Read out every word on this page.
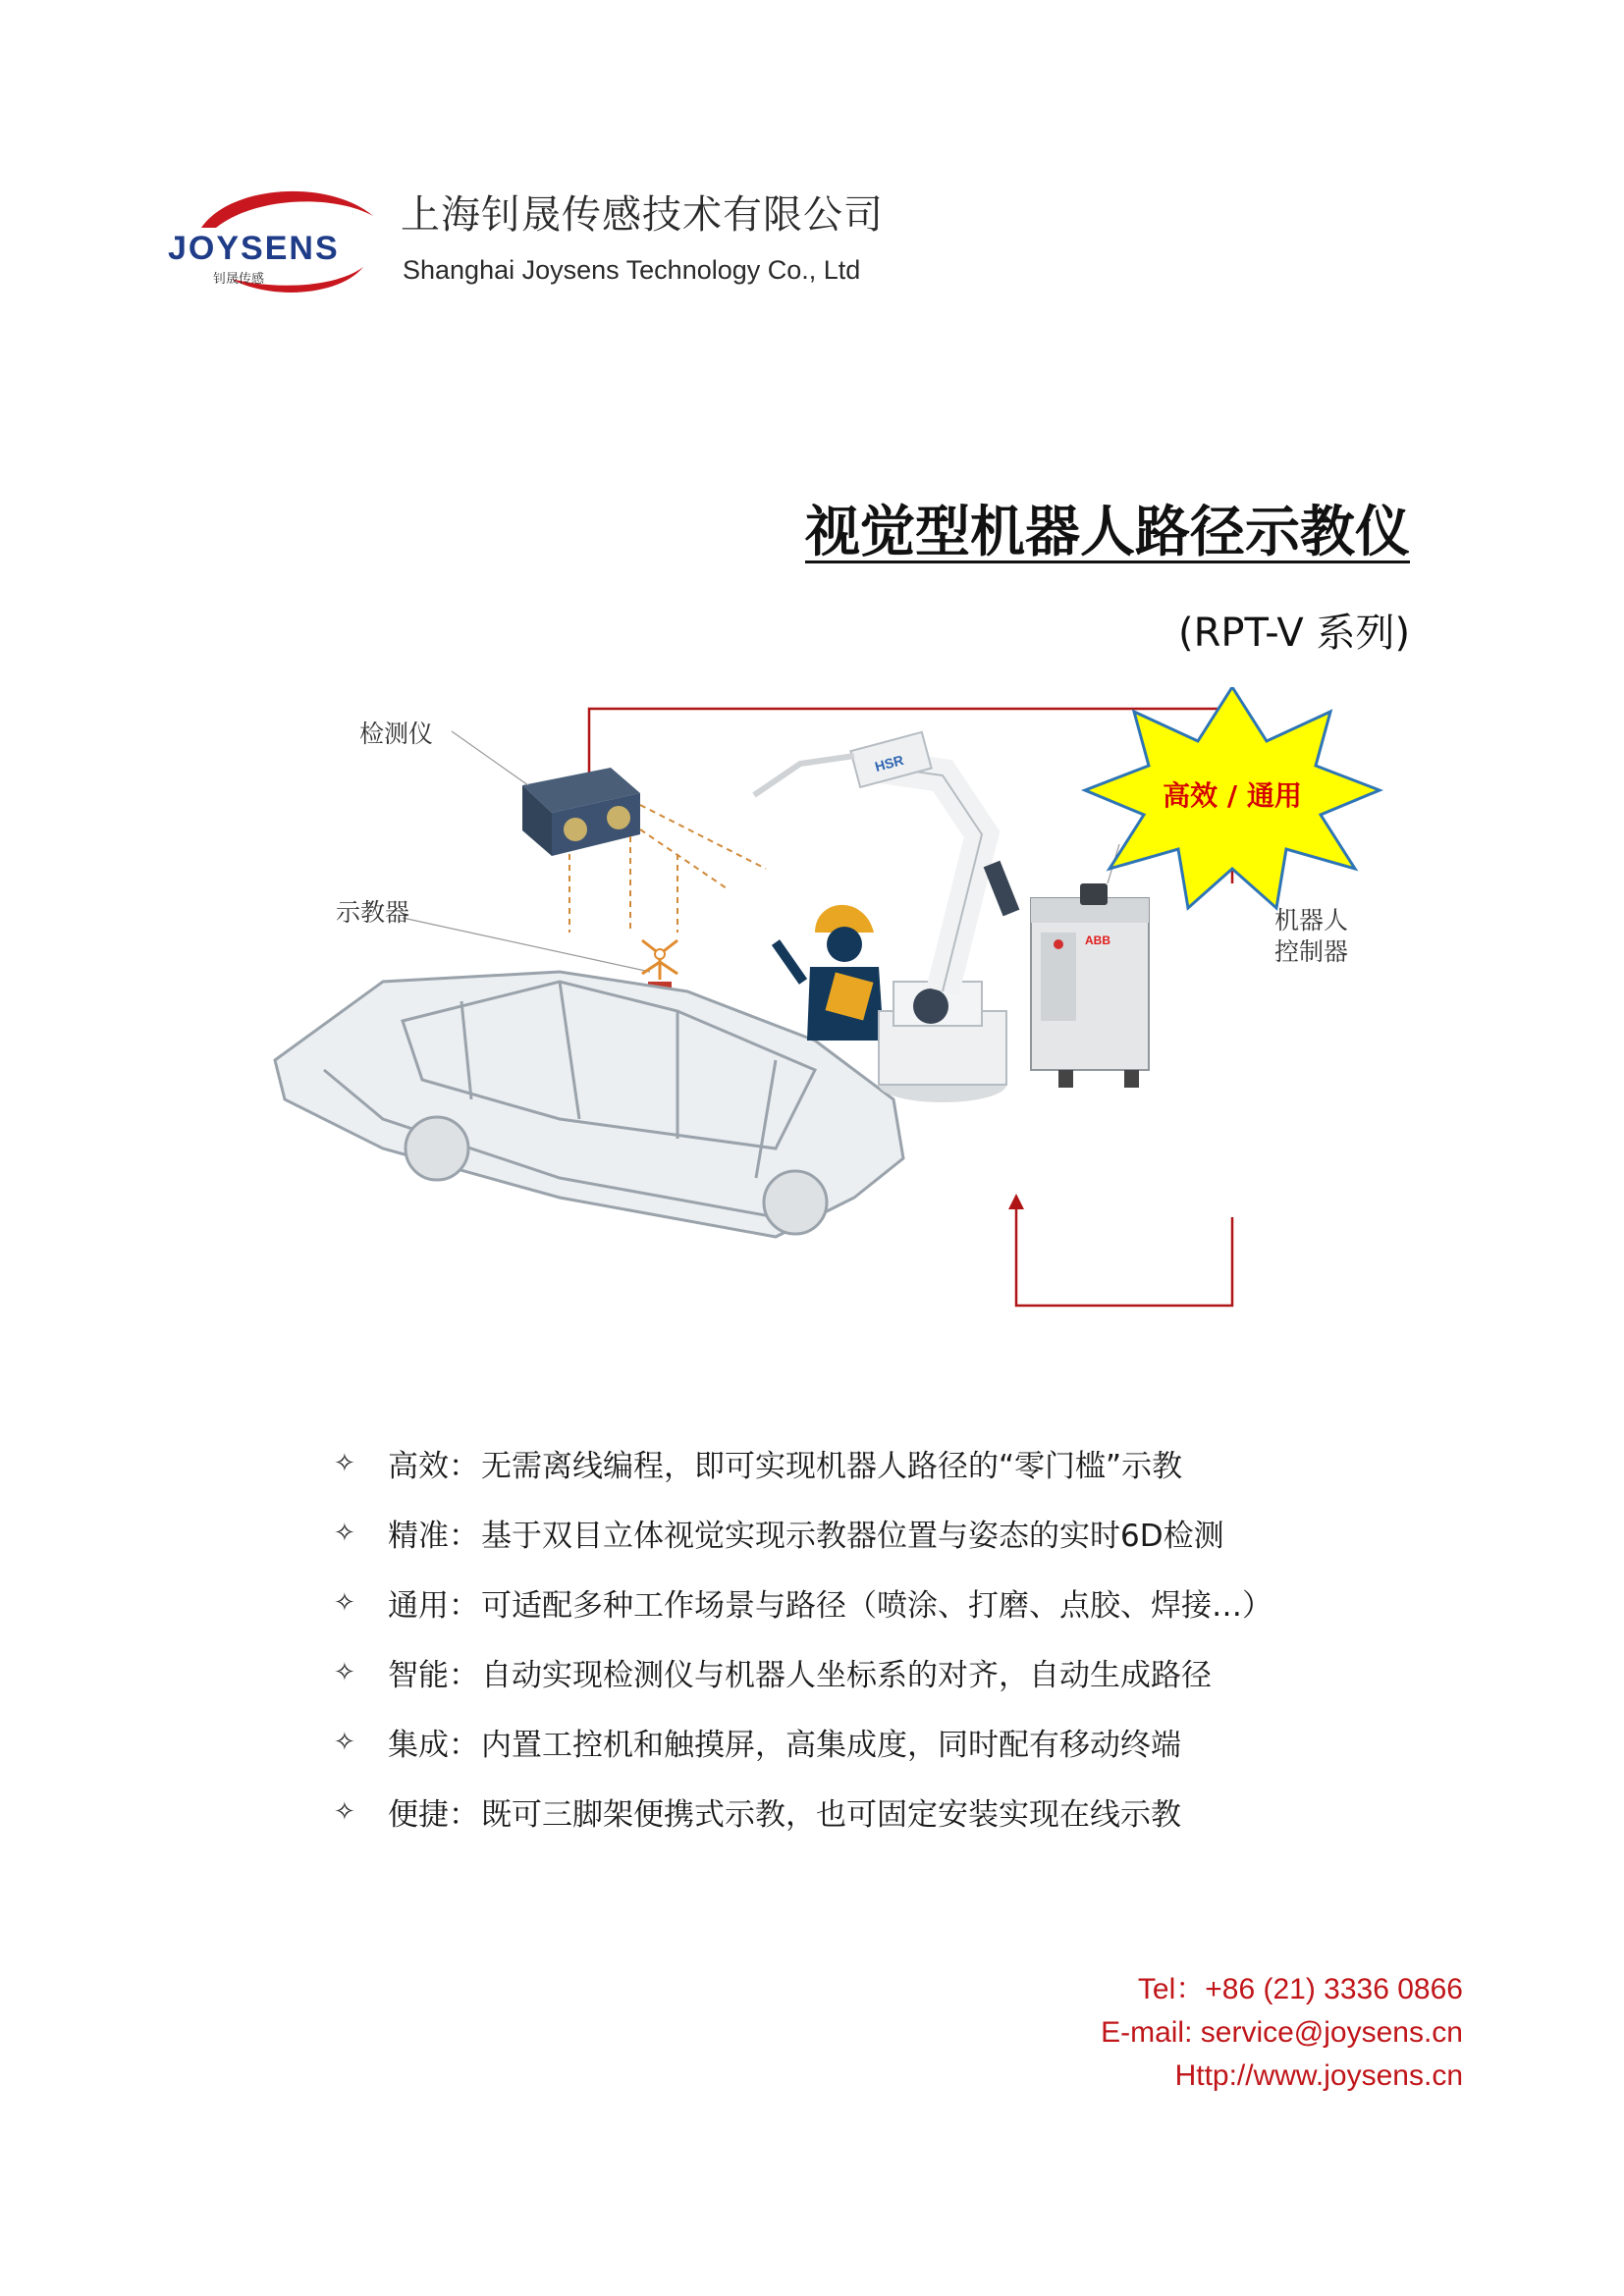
JOYSENS
钊晟传感
上海钊晟传感技术有限公司
Shanghai Joysens Technology Co., Ltd
视觉型机器人路径示教仪
(RPT-V 系列)
HSR
ABB
高效 / 通用
检测仪
示教器	机器人
控制器
✧	高效： 无需离线编程，即可实现机器人路径的“零门槛”示教
✧	精准： 基于双目立体视觉实现示教器位置与姿态的实时6D检测
✧	通用： 可适配多种工作场景与路径（喷涂、打磨、点胶、焊接…）
✧	智能： 自动实现检测仪与机器人坐标系的对齐，自动生成路径
✧	集成： 内置工控机和触摸屏，高集成度，同时配有移动终端
✧	便捷： 既可三脚架便携式示教，也可固定安装实现在线示教
Tel：+86 (21) 3336 0866
E-mail: service@joysens.cn
Http://www.joysens.cn
